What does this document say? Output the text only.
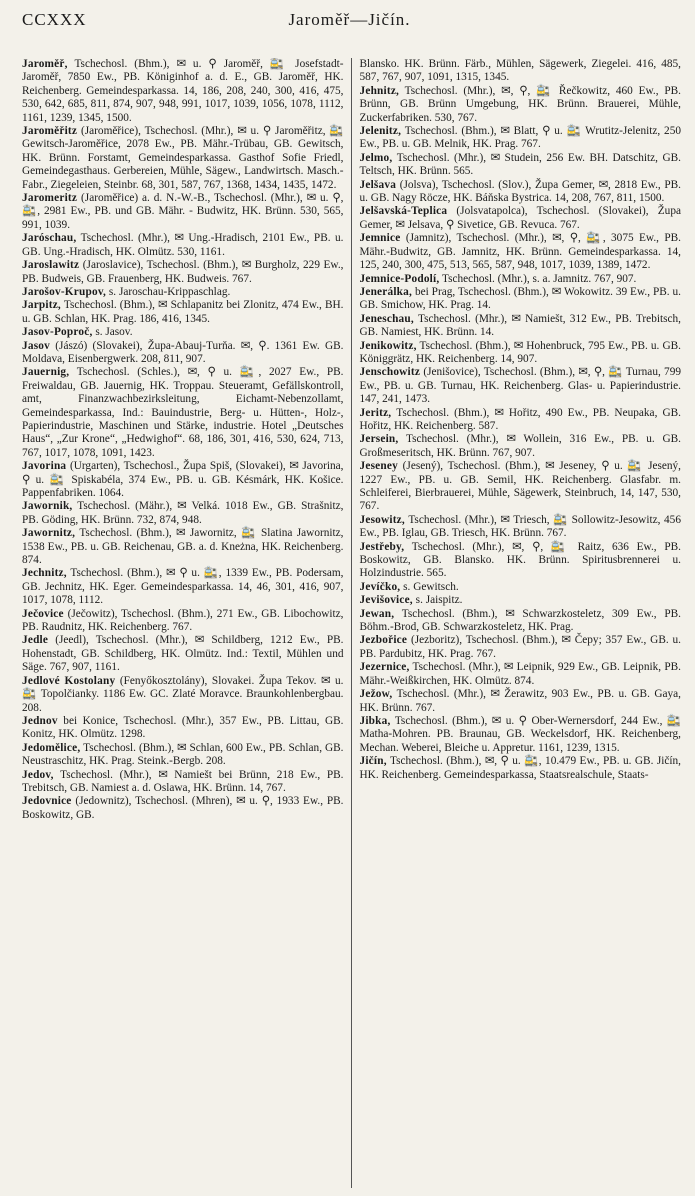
CCXXX	Jaroměř—Jičín.

Jaroměř, Tschechosl. (Bhm.), ✉ u. ⚲ Jaroměř, 🚉 Josefstadt-Jaroměř, 7850 Ew., PB. Königinhof a. d. E., GB. Jaroměř, HK. Reichenberg. Gemeindesparkassa. 14, 186, 208, 240, 300, 416, 475, 530, 642, 685, 811, 874, 907, 948, 991, 1017, 1039, 1056, 1078, 1112, 1161, 1239, 1345, 1500.

Jaroměřitz (Jaroměřice), Tschechosl. (Mhr.), ✉ u. ⚲ Jaroměřitz, 🚉 Gewitsch-Jaroměřice, 2078 Ew., PB. Mähr.-Trübau, GB. Gewitsch, HK. Brünn. Forstamt, Gemeindesparkassa. Gasthof Sofie Friedl, Gemeindegasthaus. Gerbereien, Mühle, Sägew., Landwirtsch. Masch.-Fabr., Ziegeleien, Steinbr. 68, 301, 587, 767, 1368, 1434, 1435, 1472.

Jaromeritz (Jaroměřice) a. d. N.-W.-B., Tschechosl. (Mhr.), ✉ u. ⚲, 🚉, 2981 Ew., PB. und GB. Mähr. - Budwitz, HK. Brünn. 530, 565, 991, 1039.

Jaróschau, Tschechosl. (Mhr.), ✉ Ung.-Hradisch, 2101 Ew., PB. u. GB. Ung.-Hradisch, HK. Olmütz. 530, 1161.

Jaroslawitz (Jaroslavice), Tschechosl. (Bhm.), ✉ Burgholz, 229 Ew., PB. Budweis, GB. Frauenberg, HK. Budweis. 767.

Jarošov-Krupov, s. Jaroschau-Krippaschlag.

Jarpitz, Tschechosl. (Bhm.), ✉ Schlapanitz bei Zlonitz, 474 Ew., BH. u. GB. Schlan, HK. Prag. 186, 416, 1345.

Jasov-Poproč, s. Jasov.

Jasov (Jászó) (Slovakei), Župa-Abauj-Turňa. ✉, ⚲. 1361 Ew. GB. Moldava, Eisenbergwerk. 208, 811, 907.

Jauernig, Tschechosl. (Schles.), ✉, ⚲ u. 🚉, 2027 Ew., PB. Freiwaldau, GB. Jauernig, HK. Troppau. Steueramt, Gefällskontroll, amt, Finanzwachbezirksleitung, Eichamt-Nebenzollamt, Gemeindesparkassa, Ind.: Bauindustrie, Berg- u. Hütten-, Holz-, Papierindustrie, Maschinen und Stärke, industrie. Hotel „Deutsches Haus“, „Zur Krone“, „Hedwighof“. 68, 186, 301, 416, 530, 624, 713, 767, 1017, 1078, 1091, 1423.

Javorina (Urgarten), Tschechosl., Župa Spiš, (Slovakei), ✉ Javorina, ⚲ u. 🚉 Spiskabéla, 374 Ew., PB. u. GB. Késmárk, HK. Košice. Pappenfabriken. 1064.

Jawornik, Tschechosl. (Mähr.), ✉ Velká. 1018 Ew., GB. Strašnitz, PB. Göding, HK. Brünn. 732, 874, 948.

Jawornitz, Tschechosl. (Bhm.), ✉ Jawornitz, 🚉 Slatina Jawornitz, 1538 Ew., PB. u. GB. Reichenau, GB. a. d. Kneżna, HK. Reichenberg. 874.

Jechnitz, Tschechosl. (Bhm.), ✉ ⚲ u. 🚉, 1339 Ew., PB. Podersam, GB. Jechnitz, HK. Eger. Gemeindesparkassa. 14, 46, 301, 416, 907, 1017, 1078, 1112.

Ječovice (Ječowitz), Tschechosl. (Bhm.), 271 Ew., GB. Libochowitz, PB. Raudnitz, HK. Reichenberg. 767.

Jedle (Jeedl), Tschechosl. (Mhr.), ✉ Schildberg, 1212 Ew., PB. Hohenstadt, GB. Schildberg, HK. Olmütz. Ind.: Textil, Mühlen und Säge. 767, 907, 1161.

Jedlové Kostolany (Fenyőkosztolány), Slovakei. Župa Tekov. ✉ u. 🚉 Topolčianky. 1186 Ew. GC. Zlaté Moravce. Braunkohlenbergbau. 208.

Jednov bei Konice, Tschechosl. (Mhr.), 357 Ew., PB. Littau, GB. Konitz, HK. Olmütz. 1298.

Jedomělice, Tschechosl. (Bhm.), ✉ Schlan, 600 Ew., PB. Schlan, GB. Neustraschitz, HK. Prag. Steink.-Bergb. 208.

Jedov, Tschechosl. (Mhr.), ✉ Namiešt bei Brünn, 218 Ew., PB. Trebitsch, GB. Namiest a. d. Oslawa, HK. Brünn. 14, 767.

Jedovnice (Jedownitz), Tschechosl. (Mhren), ✉ u. ⚲, 1933 Ew., PB. Boskowitz, GB.

Blansko. HK. Brünn. Färb., Mühlen, Sägewerk, Ziegelei. 416, 485, 587, 767, 907, 1091, 1315, 1345.

Jehnitz, Tschechosl. (Mhr.), ✉, ⚲, 🚉 Řečkowitz, 460 Ew., PB. Brünn, GB. Brünn Umgebung, HK. Brünn. Brauerei, Mühle, Zuckerfabriken. 530, 767.

Jelenitz, Tschechosl. (Bhm.), ✉ Blatt, ⚲ u. 🚉 Wrutitz-Jelenitz, 250 Ew., PB. u. GB. Melnik, HK. Prag. 767.

Jelmo, Tschechosl. (Mhr.), ✉ Studein, 256 Ew. BH. Datschitz, GB. Teltsch, HK. Brünn. 565.

Jelšava (Jolsva), Tschechosl. (Slov.), Župa Gemer, ✉, 2818 Ew., PB. u. GB. Nagy Röcze, HK. Báňska Bystrica. 14, 208, 767, 811, 1500.

Jelšavská-Teplica (Jolsvatapolca), Tschechosl. (Slovakei), Župa Gemer, ✉ Jelsava, ⚲ Sivetice, GB. Revuca. 767.

Jemnice (Jamnitz), Tschechosl. (Mhr.), ✉, ⚲, 🚉, 3075 Ew., PB. Mähr.-Budwitz, GB. Jamnitz, HK. Brünn. Gemeindesparkassa. 14, 125, 240, 300, 475, 513, 565, 587, 948, 1017, 1039, 1389, 1472.

Jemnice-Podolí, Tschechosl. (Mhr.), s. a. Jamnitz. 767, 907.

Jenerálka, bei Prag, Tschechosl. (Bhm.), ✉ Wokowitz. 39 Ew., PB. u. GB. Smichow, HK. Prag. 14.

Jeneschau, Tschechosl. (Mhr.), ✉ Namiešt, 312 Ew., PB. Trebitsch, GB. Namiest, HK. Brünn. 14.

Jenikowitz, Tschechosl. (Bhm.), ✉ Hohenbruck, 795 Ew., PB. u. GB. Königgrätz, HK. Reichenberg. 14, 907.

Jenschowitz (Jenišovice), Tschechosl. (Bhm.), ✉, ⚲, 🚉 Turnau, 799 Ew., PB. u. GB. Turnau, HK. Reichenberg. Glas- u. Papierindustrie. 147, 241, 1473.

Jeritz, Tschechosl. (Bhm.), ✉ Hořitz, 490 Ew., PB. Neupaka, GB. Hořitz, HK. Reichenberg. 587.

Jersein, Tschechosl. (Mhr.), ✉ Wollein, 316 Ew., PB. u. GB. Großmeseritsch, HK. Brünn. 767, 907.

Jeseney (Jesený), Tschechosl. (Bhm.), ✉ Jeseney, ⚲ u. 🚉 Jesený, 1227 Ew., PB. u. GB. Semil, HK. Reichenberg. Glasfabr. m. Schleiferei, Bierbrauerei, Mühle, Sägewerk, Steinbruch, 14, 147, 530, 767.

Jesowitz, Tschechosl. (Mhr.), ✉ Triesch, 🚉 Sollowitz-Jesowitz, 456 Ew., PB. Iglau, GB. Triesch, HK. Brünn. 767.

Jestřeby, Tschechosl. (Mhr.), ✉, ⚲, 🚉 Raitz, 636 Ew., PB. Boskowitz, GB. Blansko. HK. Brünn. Spiritusbrennerei u. Holzindustrie. 565.

Jevíčko, s. Gewitsch.

Jevišovice, s. Jaispitz.

Jewan, Tschechosl. (Bhm.), ✉ Schwarzkosteletz, 309 Ew., PB. Böhm.-Brod, GB. Schwarzkosteletz, HK. Prag.

Jezbořice (Jezboritz), Tschechosl. (Bhm.), ✉ Čepy; 357 Ew., GB. u. PB. Pardubitz, HK. Prag. 767.

Jezernice, Tschechosl. (Mhr.), ✉ Leipnik, 929 Ew., GB. Leipnik, PB. Mähr.-Weißkirchen, HK. Olmütz. 874.

Ježow, Tschechosl. (Mhr.), ✉ Žerawitz, 903 Ew., PB. u. GB. Gaya, HK. Brünn. 767.

Jibka, Tschechosl. (Bhm.), ✉ u. ⚲ Ober-Wernersdorf, 244 Ew., 🚉 Matha-Mohren. PB. Braunau, GB. Weckelsdorf, HK. Reichenberg, Mechan. Weberei, Bleiche u. Appretur. 1161, 1239, 1315.

Jičín, Tschechosl. (Bhm.), ✉, ⚲ u. 🚉, 10.479 Ew., PB. u. GB. Jičín, HK. Reichenberg. Gemeindesparkassa, Staatsrealschule, Staats-
